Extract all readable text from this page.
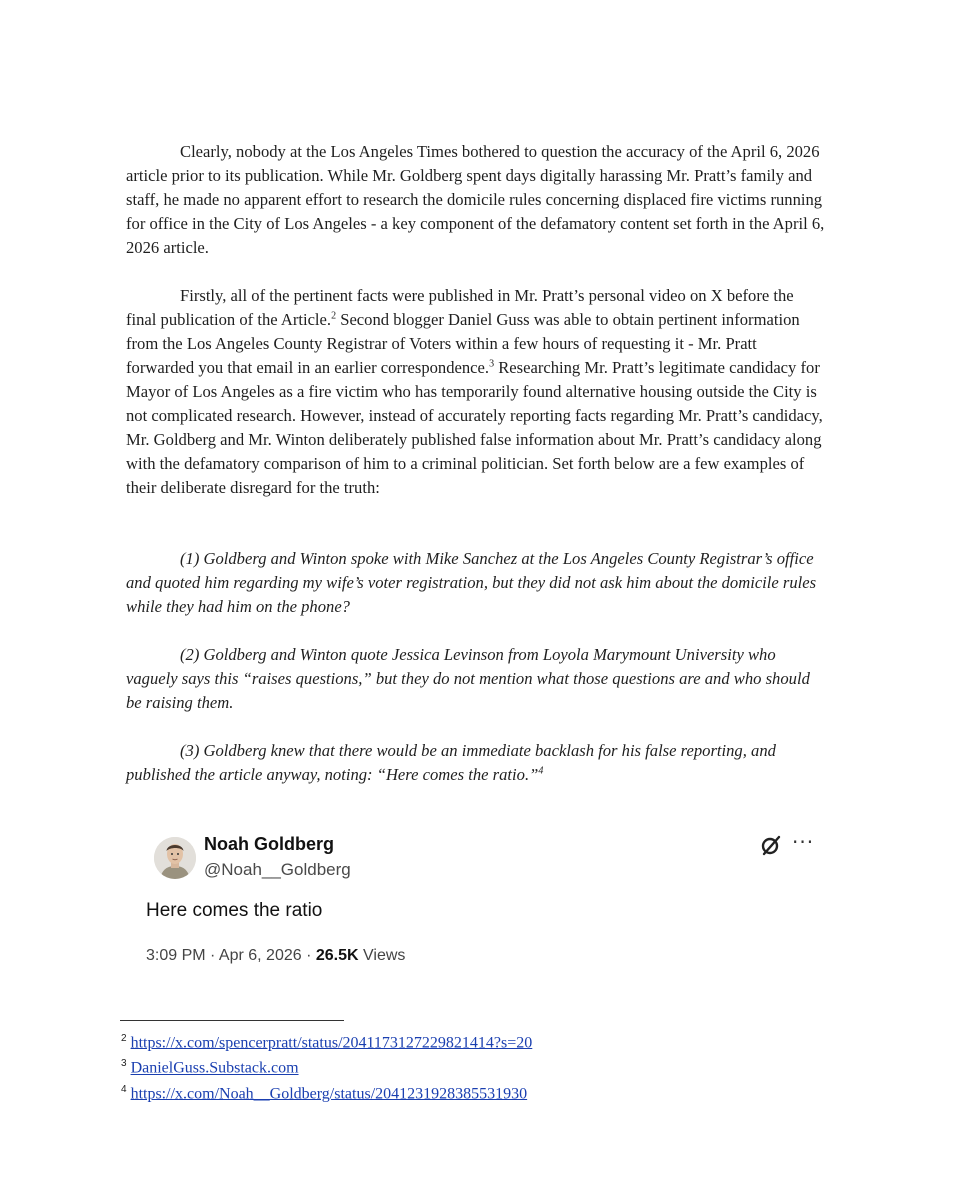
Clearly, nobody at the Los Angeles Times bothered to question the accuracy of the April 6, 2026 article prior to its publication. While Mr. Goldberg spent days digitally harassing Mr. Pratt’s family and staff, he made no apparent effort to research the domicile rules concerning displaced fire victims running for office in the City of Los Angeles - a key component of the defamatory content set forth in the April 6, 2026 article.

Firstly, all of the pertinent facts were published in Mr. Pratt’s personal video on X before the final publication of the Article.$^2$ Second blogger Daniel Guss was able to obtain pertinent information from the Los Angeles County Registrar of Voters within a few hours of requesting it - Mr. Pratt forwarded you that email in an earlier correspondence.$^3$ Researching Mr. Pratt’s legitimate candidacy for Mayor of Los Angeles as a fire victim who has temporarily found alternative housing outside the City is not complicated research. However, instead of accurately reporting facts regarding Mr. Pratt’s candidacy, Mr. Goldberg and Mr. Winton deliberately published false information about Mr. Pratt’s candidacy along with the defamatory comparison of him to a criminal politician. Set forth below are a few examples of their deliberate disregard for the truth:

(1) Goldberg and Winton spoke with Mike Sanchez at the Los Angeles County Registrar’s office and quoted him regarding my wife’s voter registration, but they did not ask him about the domicile rules while they had him on the phone?

(2) Goldberg and Winton quote Jessica Levinson from Loyola Marymount University who vaguely says this “raises questions,” but they do not mention what those questions are and who should be raising them.

(3) Goldberg knew that there would be an immediate backlash for his false reporting, and published the article anyway, noting: “Here comes the ratio.”$^4$

Noah Goldberg
@Noah__Goldberg
···
Here comes the ratio
3:09 PM · Apr 6, 2026 · 26.5K Views
$^2$ https://x.com/spencerpratt/status/2041173127229821414?s=20
$^3$ DanielGuss.Substack.com
$^4$ https://x.com/Noah__Goldberg/status/2041231928385531930
